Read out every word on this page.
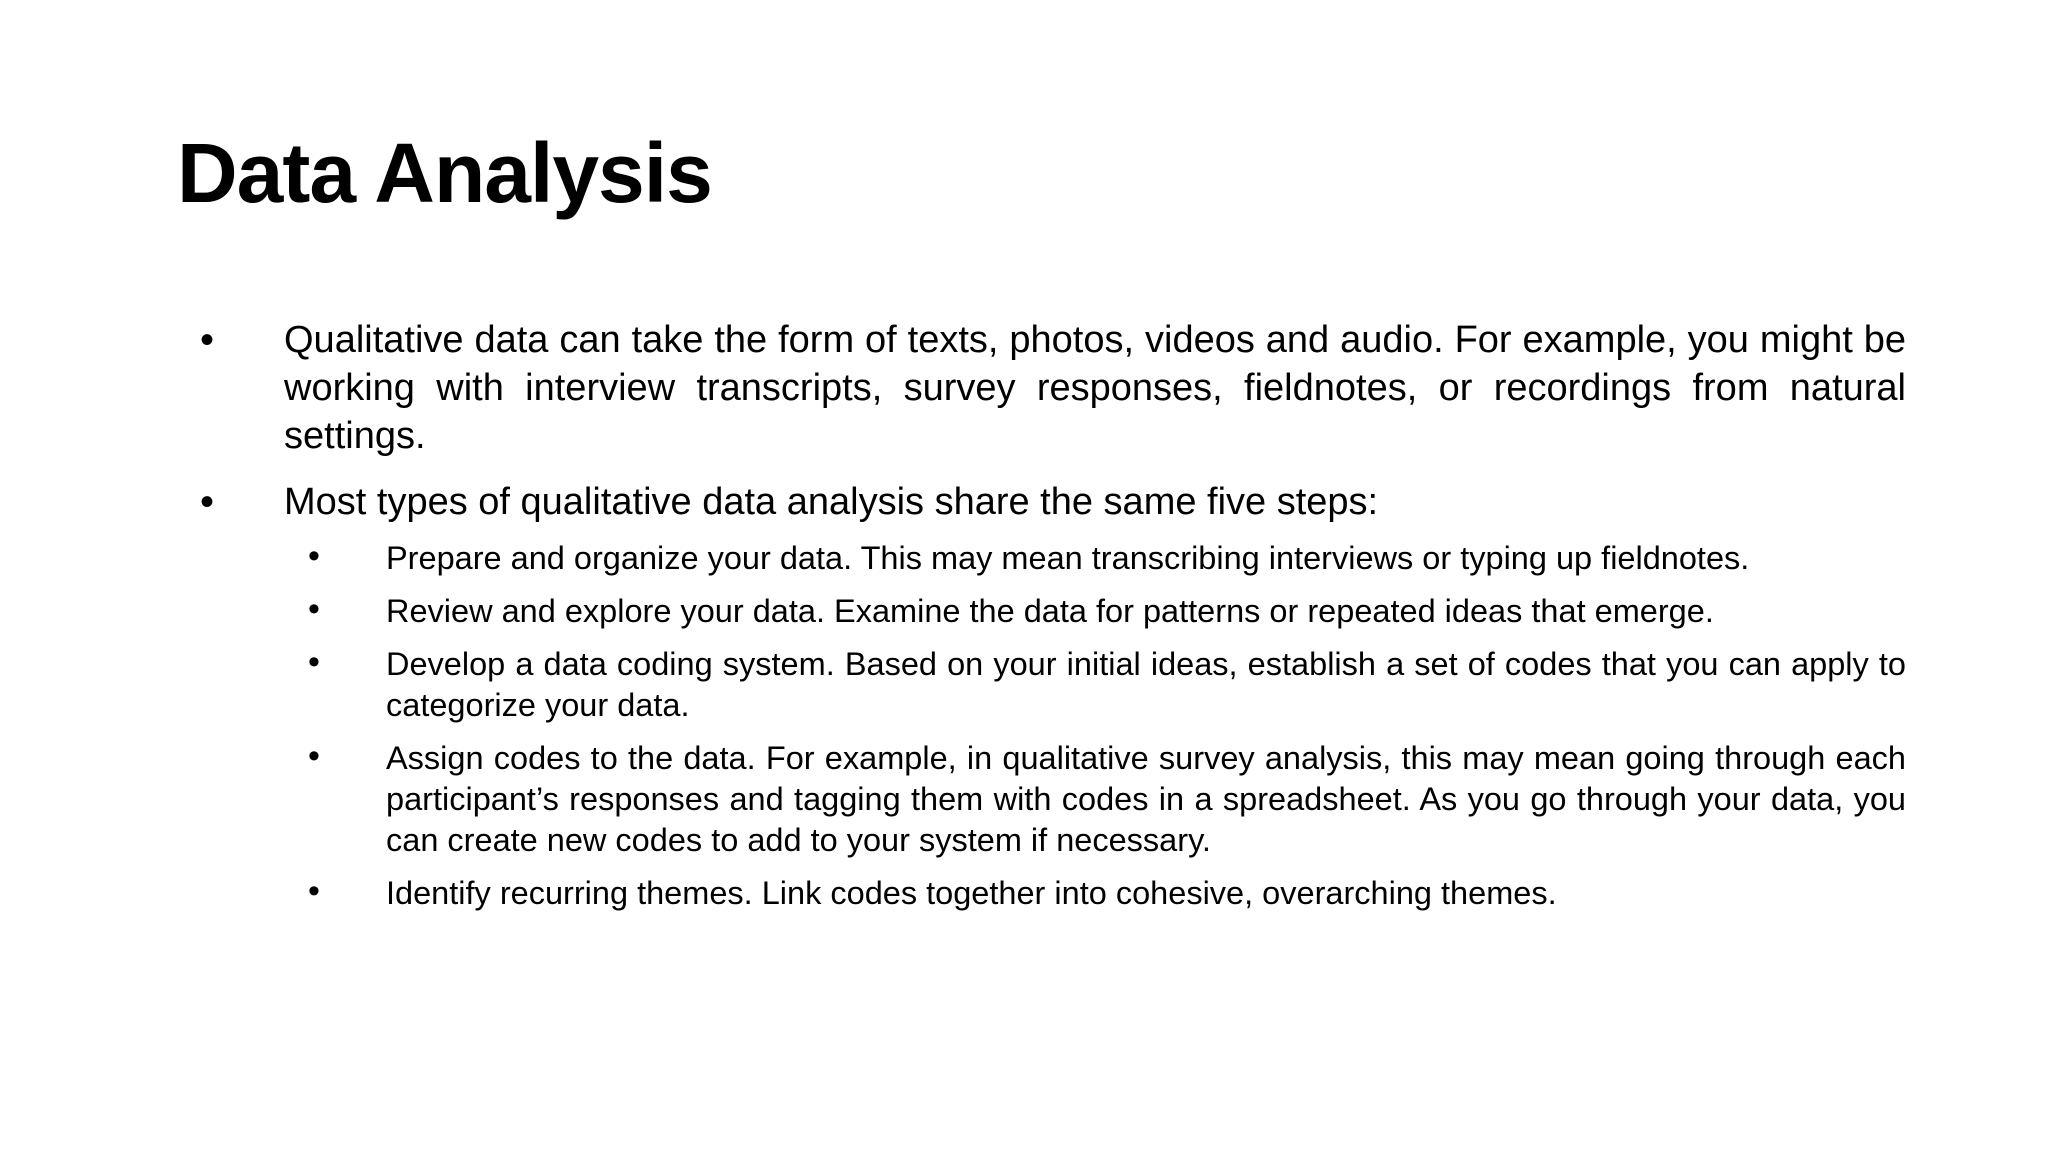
Data Analysis
• Qualitative data can take the form of texts, photos, videos and audio. For example, you might be working with interview transcripts, survey responses, fieldnotes, or recordings from natural settings.
• Most types of qualitative data analysis share the same five steps:
• Prepare and organize your data. This may mean transcribing interviews or typing up fieldnotes.
• Review and explore your data. Examine the data for patterns or repeated ideas that emerge.
• Develop a data coding system. Based on your initial ideas, establish a set of codes that you can apply to categorize your data.
• Assign codes to the data. For example, in qualitative survey analysis, this may mean going through each participant’s responses and tagging them with codes in a spreadsheet. As you go through your data, you can create new codes to add to your system if necessary.
• Identify recurring themes. Link codes together into cohesive, overarching themes.
